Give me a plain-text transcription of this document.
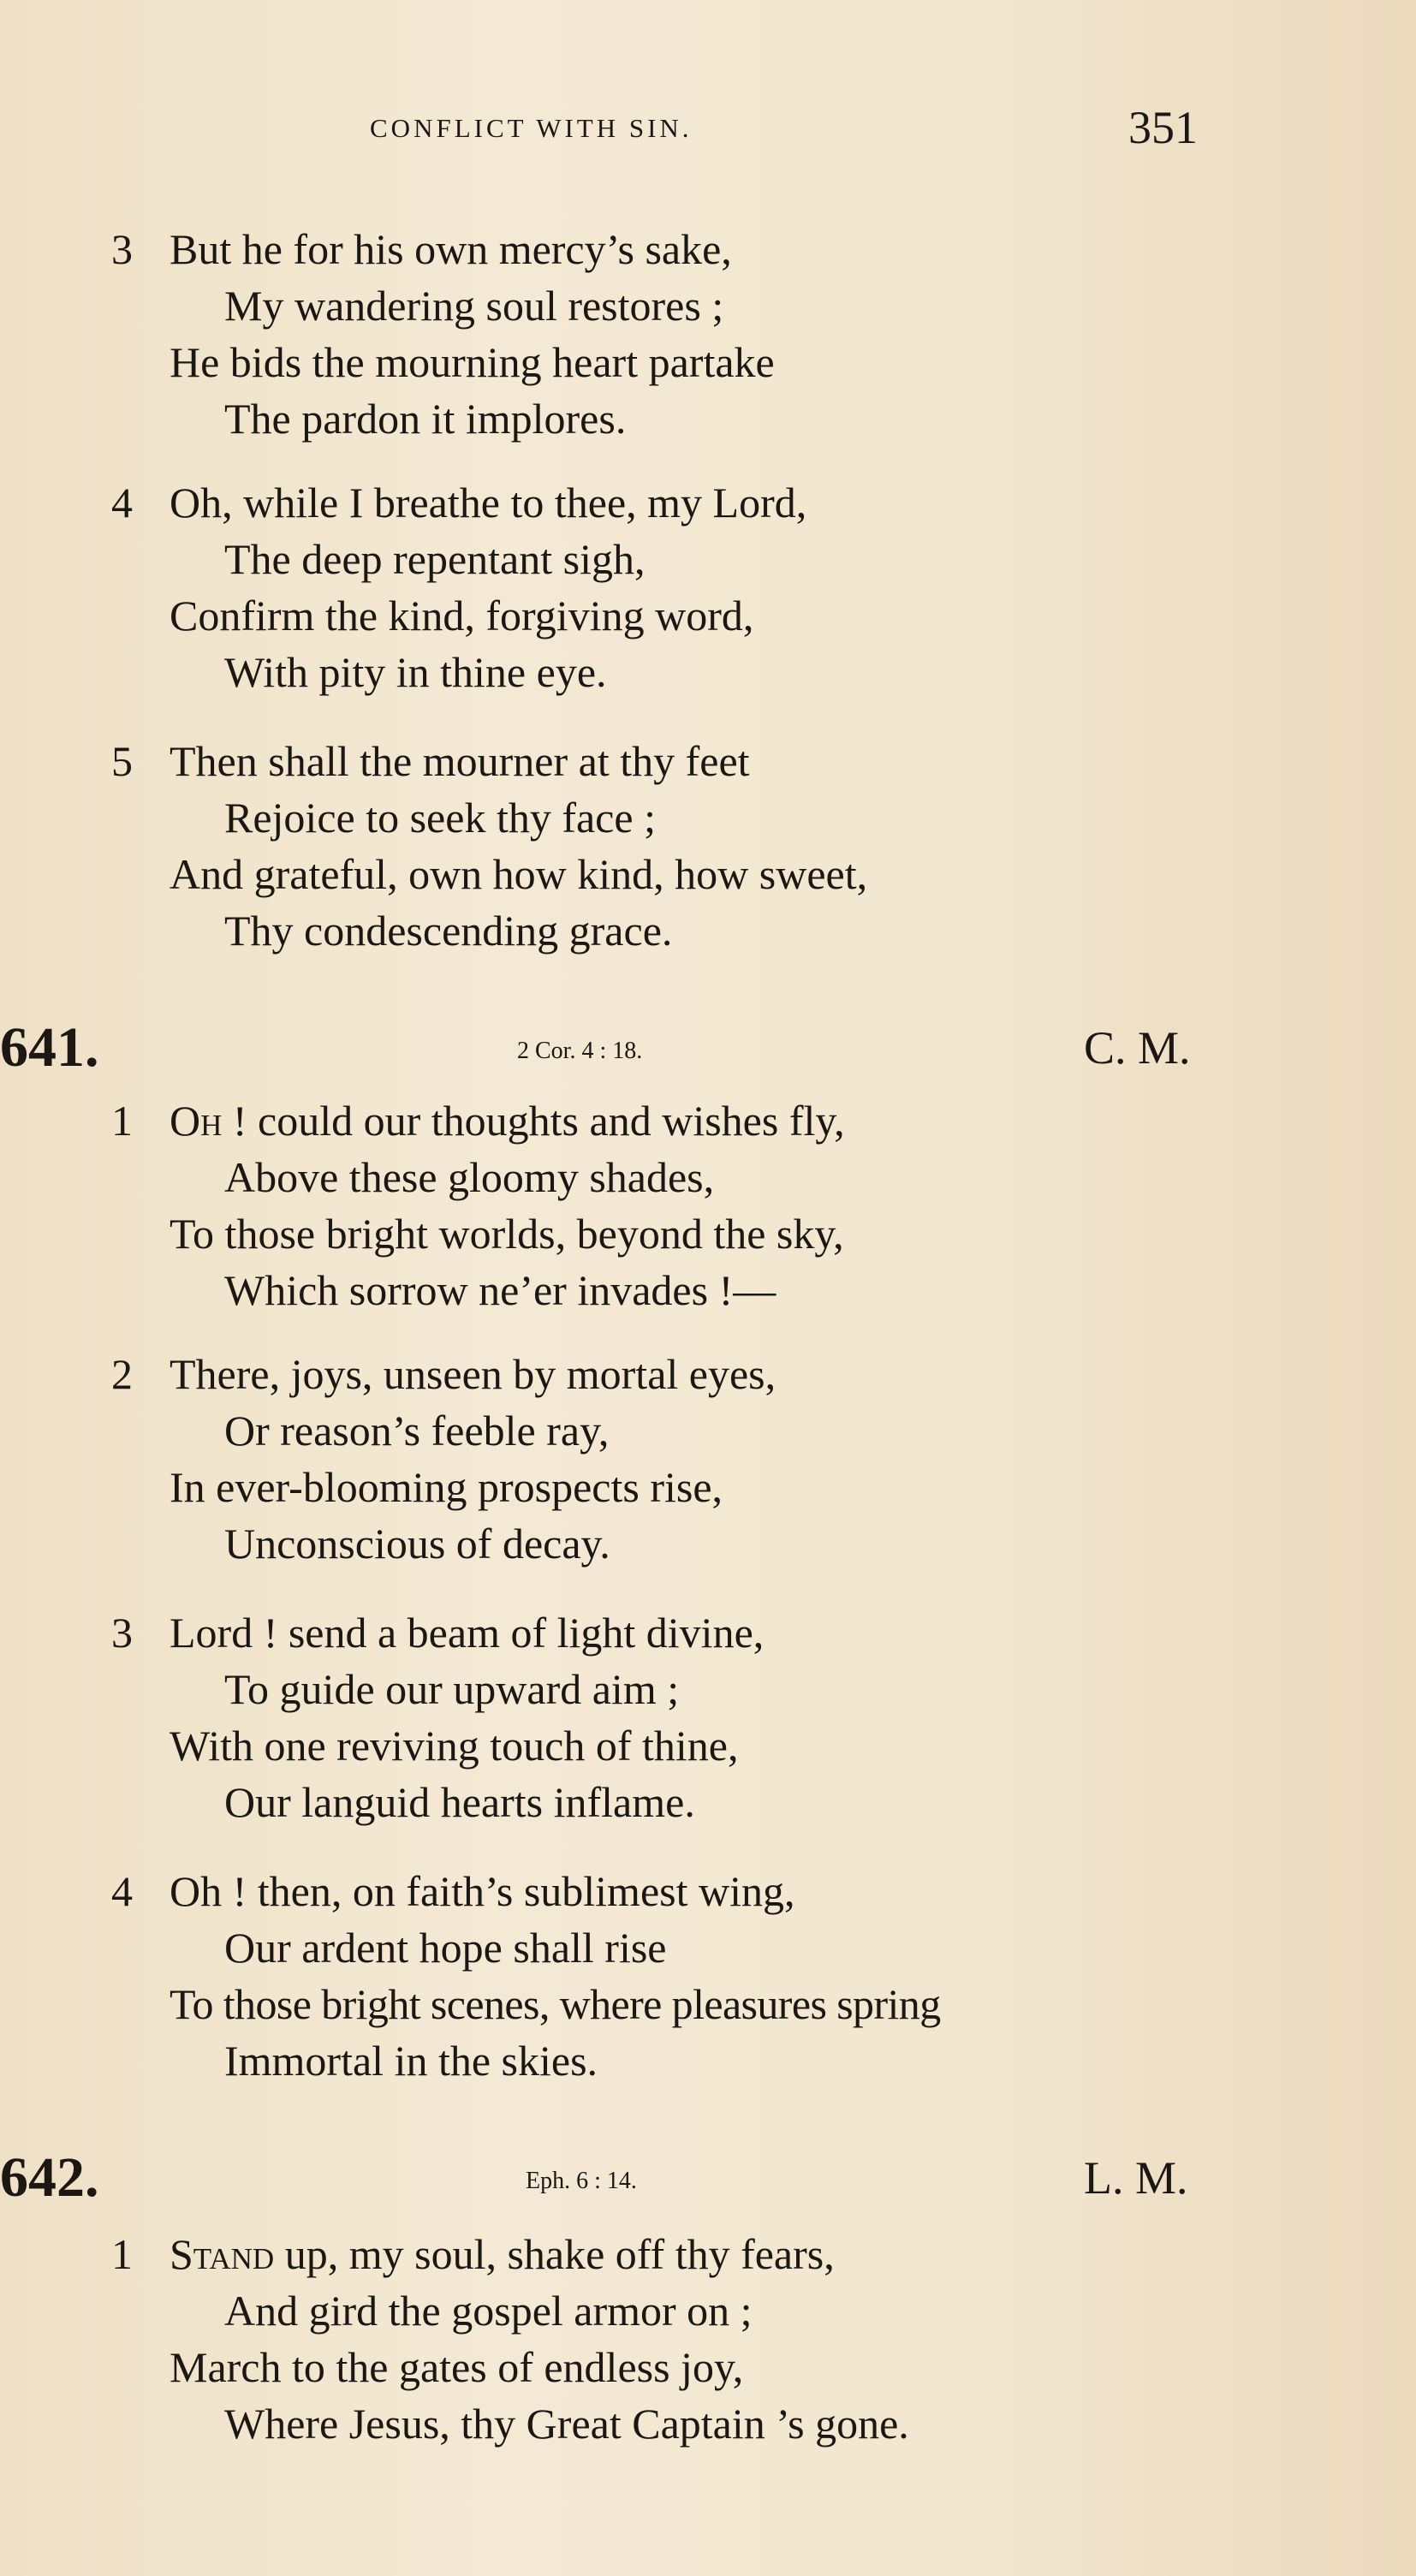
CONFLICT WITH SIN.	351
3 But he for his own mercy’s sake,
My wandering soul restores ;
He bids the mourning heart partake
The pardon it implores.
4 Oh, while I breathe to thee, my Lord,
The deep repentant sigh,
Confirm the kind, forgiving word,
With pity in thine eye.
5 Then shall the mourner at thy feet
Rejoice to seek thy face ;
And grateful, own how kind, how sweet,
Thy condescending grace.
641.	2 Cor. 4 : 18.	C. M.
1 Oh ! could our thoughts and wishes fly,
Above these gloomy shades,
To those bright worlds, beyond the sky,
Which sorrow ne’er invades !—
2 There, joys, unseen by mortal eyes,
Or reason’s feeble ray,
In ever-blooming prospects rise,
Unconscious of decay.
3 Lord ! send a beam of light divine,
To guide our upward aim ;
With one reviving touch of thine,
Our languid hearts inflame.
4 Oh ! then, on faith’s sublimest wing,
Our ardent hope shall rise
To those bright scenes, where pleasures spring
Immortal in the skies.
642.	Eph. 6 : 14.	L. M.
1 Stand up, my soul, shake off thy fears,
And gird the gospel armor on ;
March to the gates of endless joy,
Where Jesus, thy Great Captain ’s gone.
